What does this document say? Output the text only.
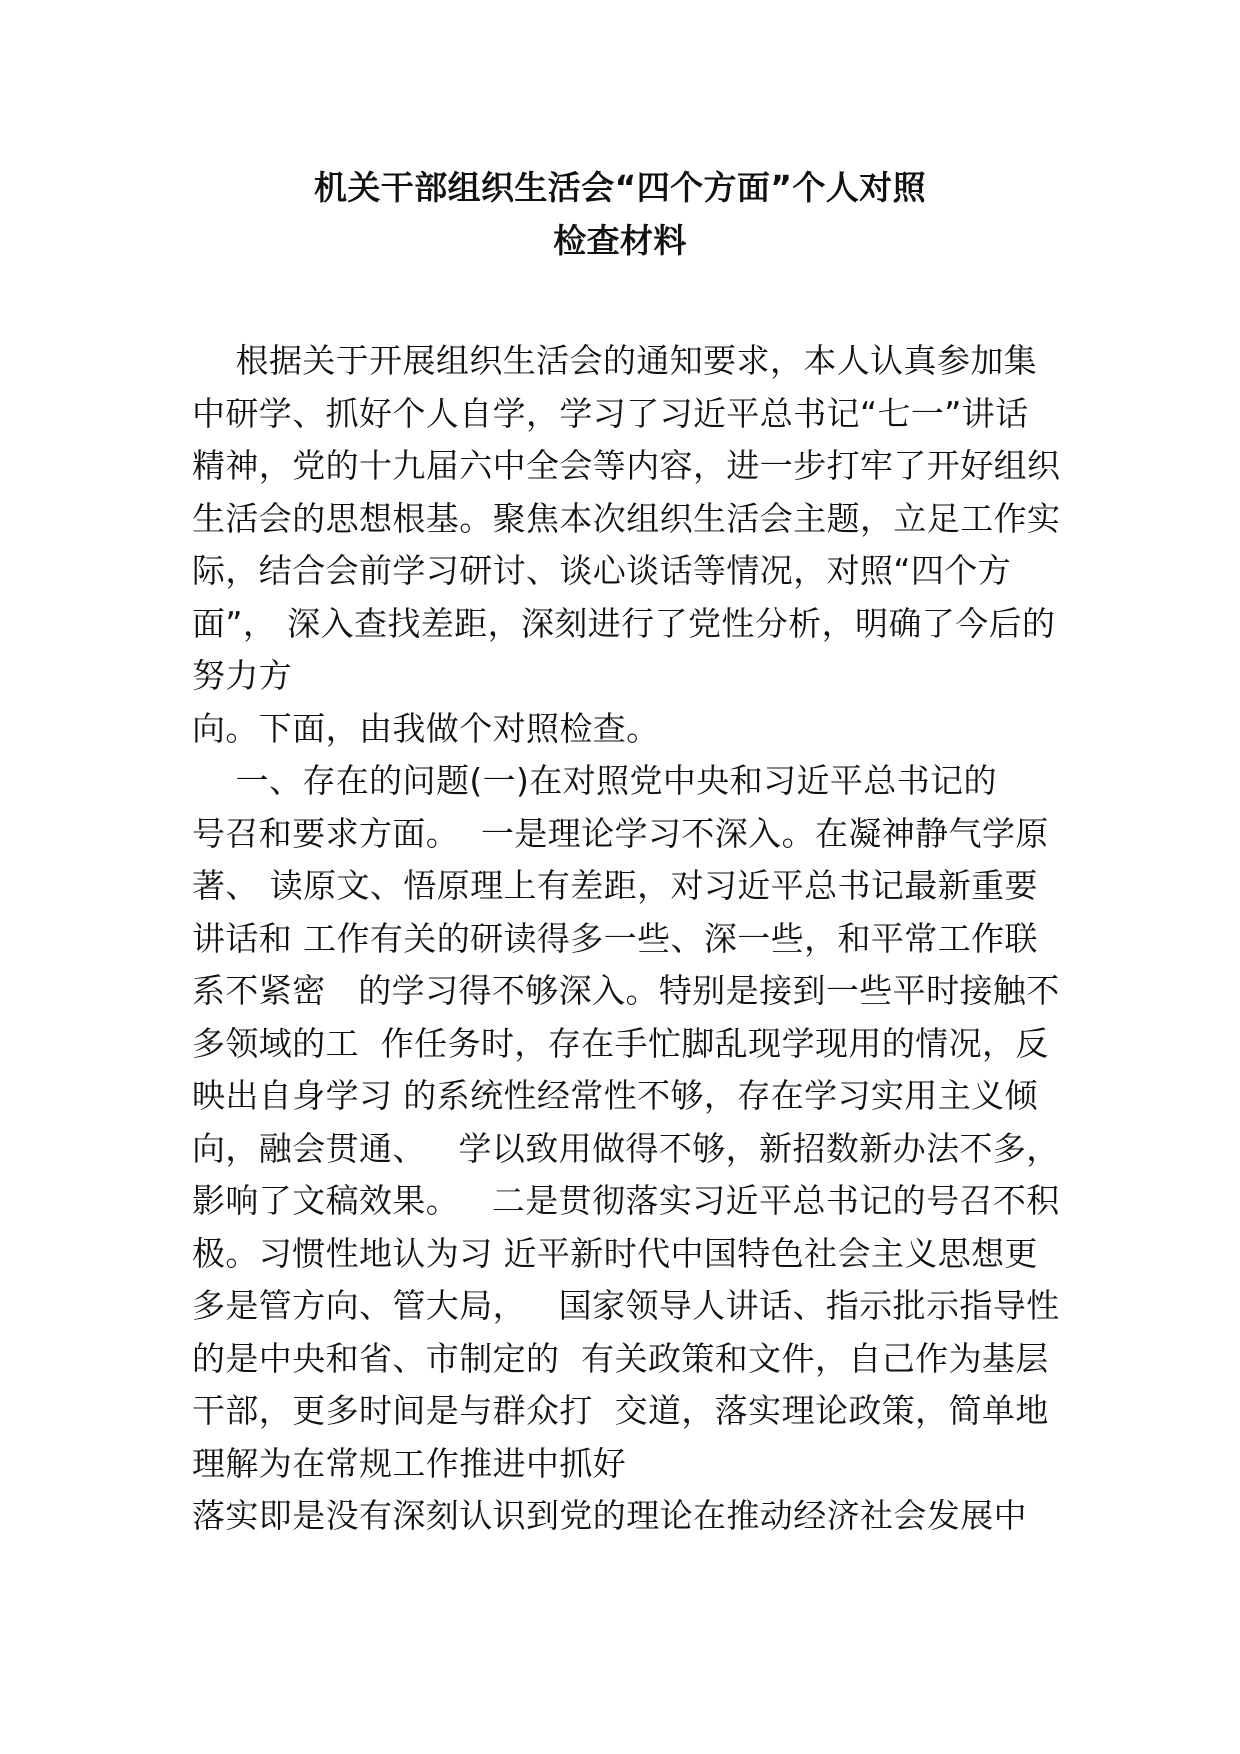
机关干部组织生活会“四个方面”个人对照
检查材料
根据关于开展组织生活会的通知要求，本人认真参加集
中研学、抓好个人自学，学习了习近平总书记“七一”讲话
精神，党的十九届六中全会等内容，进一步打牢了开好组织
生活会的思想根基。聚焦本次组织生活会主题，立足工作实
际，结合会前学习研讨、谈心谈话等情况，对照“四个方
面”， 深入查找差距，深刻进行了党性分析，明确了今后的
努力方
向。下面，由我做个对照检查。
一、存在的问题(一)在对照党中央和习近平总书记的
号召和要求方面。  一是理论学习不深入。在凝神静气学原
著、 读原文、悟原理上有差距，对习近平总书记最新重要
讲话和 工作有关的研读得多一些、深一些，和平常工作联
系不紧密   的学习得不够深入。特别是接到一些平时接触不
多领域的工  作任务时，存在手忙脚乱现学现用的情况，反
映出自身学习 的系统性经常性不够，存在学习实用主义倾
向，融会贯通、   学以致用做得不够，新招数新办法不多，
影响了文稿效果。   二是贯彻落实习近平总书记的号召不积
极。习惯性地认为习 近平新时代中国特色社会主义思想更
多是管方向、管大局，   国家领导人讲话、指示批示指导性
的是中央和省、市制定的  有关政策和文件，自己作为基层
干部，更多时间是与群众打  交道，落实理论政策，简单地
理解为在常规工作推进中抓好
落实即是没有深刻认识到党的理论在推动经济社会发展中
